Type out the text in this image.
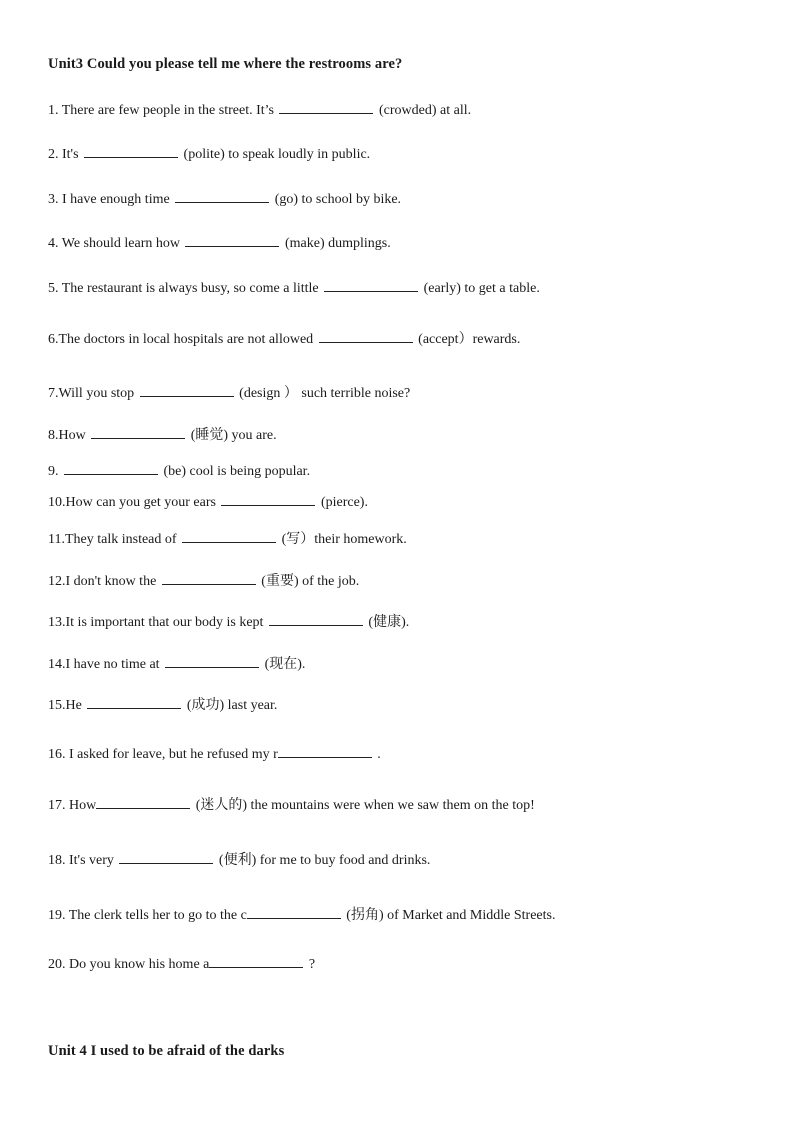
Unit3 Could you please tell me where the restrooms are?
1. There are few people in the street. It’s	(crowded) at all.
2. It's	(polite) to speak loudly in public.
3. I have enough time	(go) to school by bike.
4. We should learn how	(make) dumplings.
5. The restaurant is always busy, so come a little	(early) to get a table.
6.The doctors in local hospitals are not allowed	(accept）rewards.
7.Will you stop	(design ） such terrible noise?
8.How	(睡觉) you are.
9.	(be) cool is being popular.
10.How can you get your ears	(pierce).
11.They talk instead of	(写）their homework.
12.I don't know the	(重要) of the job.
13.It is important that our body is kept	(健康).
14.I have no time at	(现在).
15.He	(成功) last year.
16. I asked for leave, but he refused my r	.
17. How	(迷人的) the mountains were when we saw them on the top!
18. It's very	(便利) for me to buy food and drinks.
19. The clerk tells her to go to the c	(拐角) of Market and Middle Streets.
20. Do you know his home a	?
Unit 4 I used to be afraid of the darks
